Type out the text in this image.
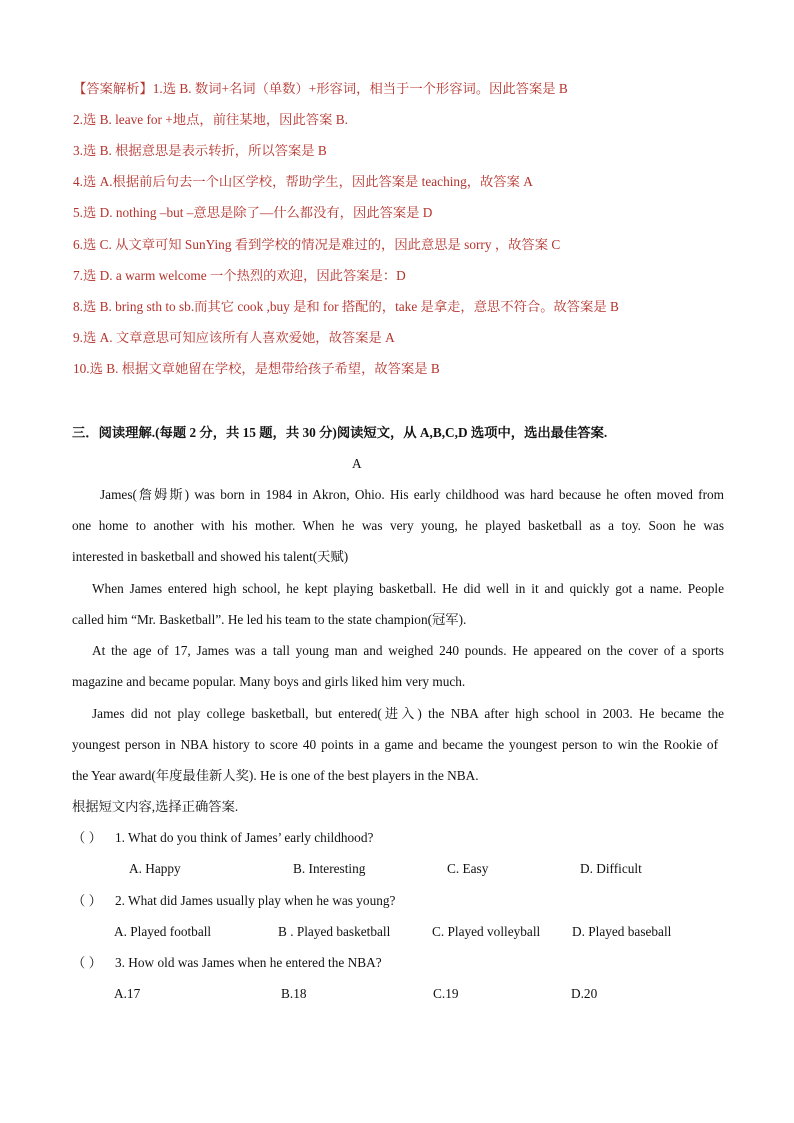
【答案解析】1.选 B. 数词+名词（单数）+形容词，相当于一个形容词。因此答案是 B
2.选 B. leave for +地点，前往某地，因此答案 B.
3.选 B. 根据意思是表示转折，所以答案是 B
4.选 A.根据前后句去一个山区学校，帮助学生，因此答案是 teaching，故答案 A
5.选 D. nothing –but –意思是除了—什么都没有，因此答案是 D
6.选 C. 从文章可知 SunYing 看到学校的情况是难过的，因此意思是 sorry ，故答案 C
7.选 D. a warm welcome 一个热烈的欢迎，因此答案是：D
8.选 B. bring sth to sb.而其它 cook ,buy 是和 for 搭配的，take 是拿走，意思不符合。故答案是 B
9.选 A. 文章意思可知应该所有人喜欢爱她，故答案是 A
10.选 B. 根据文章她留在学校，是想带给孩子希望，故答案是 B
三．阅读理解.(每题 2 分，共 15 题，共 30 分)阅读短文，从 A,B,C,D 选项中，选出最佳答案.
A
James(詹姆斯) was born in 1984 in Akron, Ohio. His early childhood was hard because he often moved from
one home to another with his mother. When he was very young, he played basketball as a toy. Soon he was
interested in basketball and showed his talent(天赋)
When James entered high school, he kept playing basketball. He did well in it and quickly got a name. People
called him “Mr. Basketball”. He led his team to the state champion(冠军).
At the age of 17, James was a tall young man and weighed 240 pounds. He appeared on the cover of a sports
magazine and became popular. Many boys and girls liked him very much.
James did not play college basketball, but entered(进入) the NBA after high school in 2003. He became the
youngest person in NBA history to score 40 points in a game and became the youngest person to win the Rookie of
the Year award(年度最佳新人奖). He is one of the best players in the NBA.
根据短文内容,选择正确答案.
（ ） 1. What do you think of James’ early childhood?
A. Happy	B. Interesting	C. Easy	D. Difficult
（ ） 2. What did James usually play when he was young?
A. Played football	B . Played basketball	C. Played volleyball D. Played baseball
（ ） 3. How old was James when he entered the NBA?
A.17	B.18	C.19	D.20
